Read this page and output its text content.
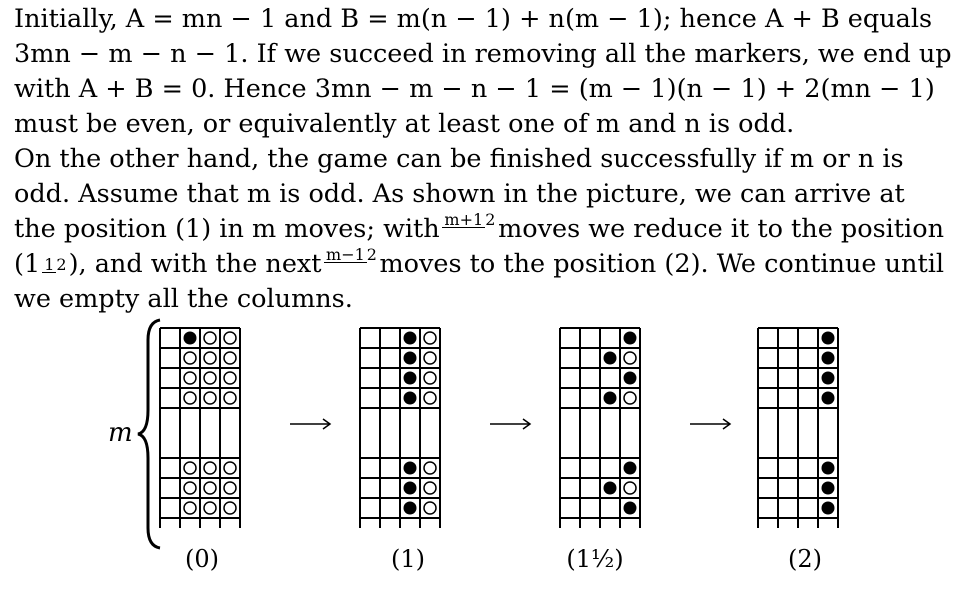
Initially, A = mn − 1 and B = m(n − 1) + n(m − 1); hence A + B equals
3mn − m − n − 1. If we succeed in removing all the markers, we end up
with A + B = 0. Hence 3mn − m − n − 1 = (m − 1)(n − 1) + 2(mn − 1)
must be even, or equivalently at least one of m and n is odd.
On the other hand, the game can be finished successfully if m or n is
odd. Assume that m is odd. As shown in the picture, we can arrive at
the position (1) in m moves; with m+1 2 moves we reduce it to the position
(1 1 2), and with the next m−1 2 moves to the position (2). We continue until
we empty all the columns.
m
(0)	(1)	(1½)	(2)
